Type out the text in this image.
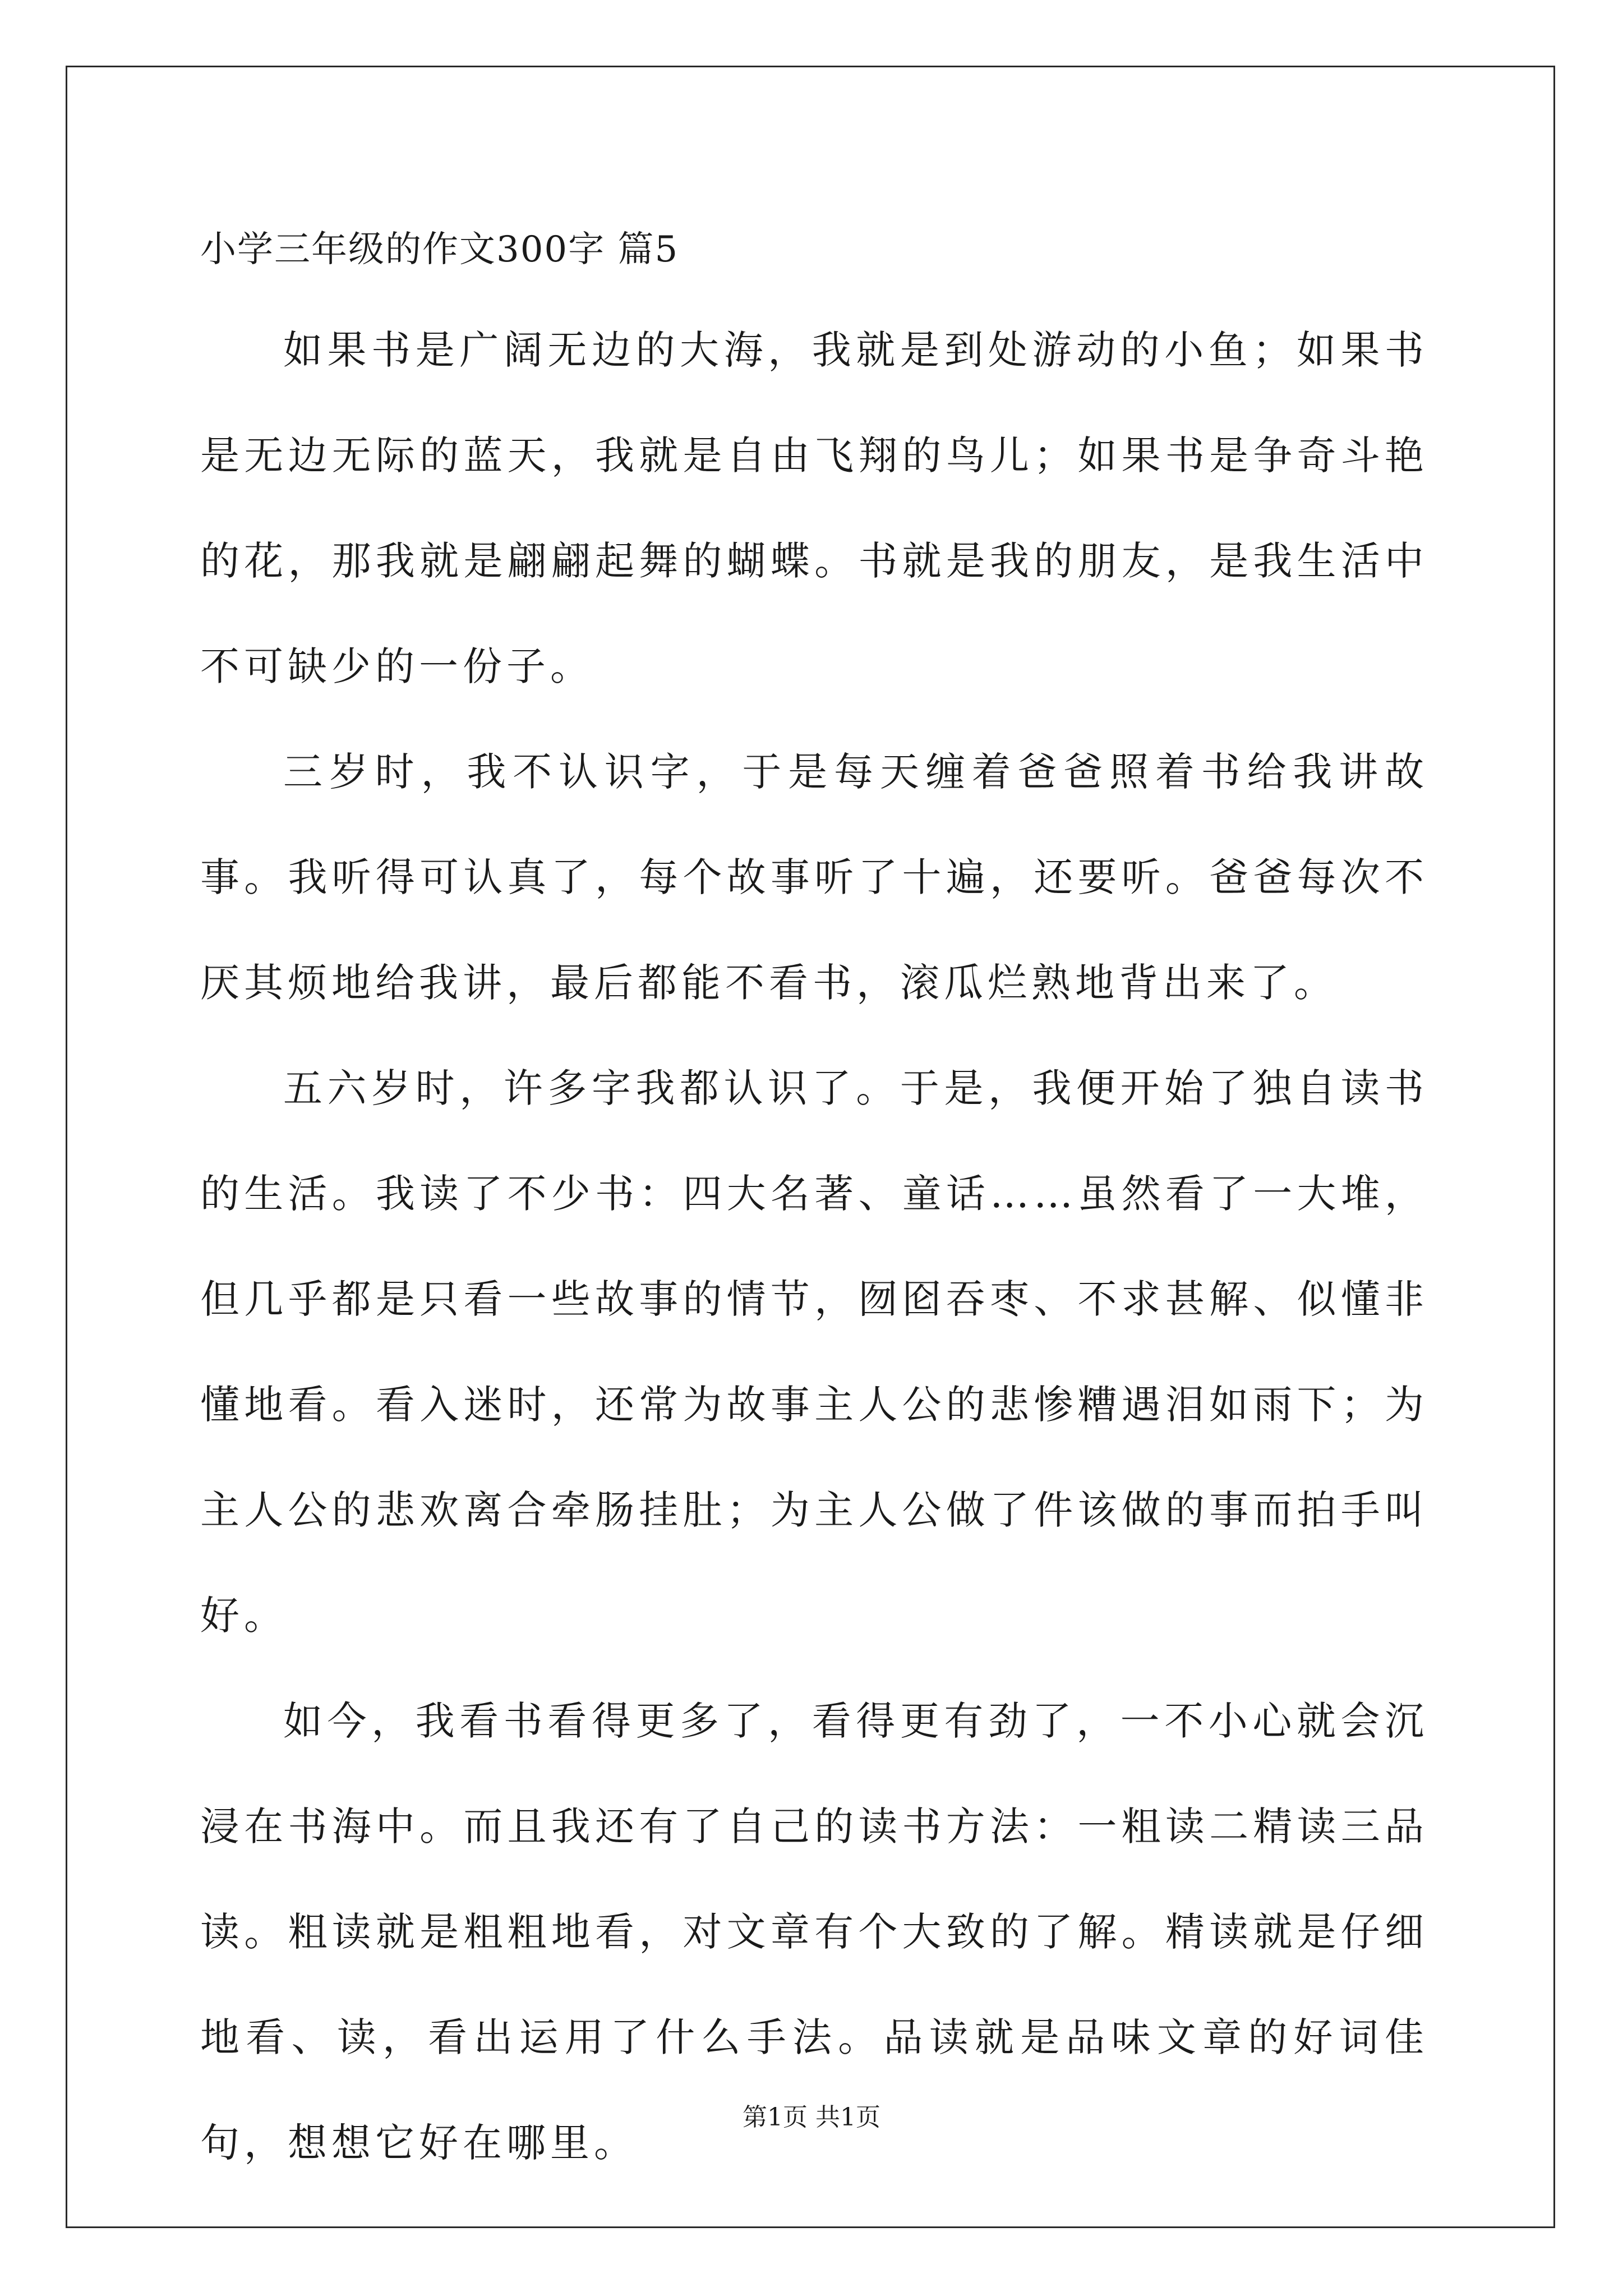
小学三年级的作文300字 篇5

如果书是广阔无边的大海，我就是到处游动的小鱼；如果书是无边无际的蓝天，我就是自由飞翔的鸟儿；如果书是争奇斗艳的花，那我就是翩翩起舞的蝴蝶。书就是我的朋友，是我生活中不可缺少的一份子。

三岁时，我不认识字，于是每天缠着爸爸照着书给我讲故事。我听得可认真了，每个故事听了十遍，还要听。爸爸每次不厌其烦地给我讲，最后都能不看书，滚瓜烂熟地背出来了。

五六岁时，许多字我都认识了。于是，我便开始了独自读书的生活。我读了不少书：四大名著、童话……虽然看了一大堆，但几乎都是只看一些故事的情节，囫囵吞枣、不求甚解、似懂非懂地看。看入迷时，还常为故事主人公的悲惨糟遇泪如雨下；为主人公的悲欢离合牵肠挂肚；为主人公做了件该做的事而拍手叫好。

如今，我看书看得更多了，看得更有劲了，一不小心就会沉浸在书海中。而且我还有了自己的读书方法：一粗读二精读三品读。粗读就是粗粗地看，对文章有个大致的了解。精读就是仔细地看、读，看出运用了什么手法。品读就是品味文章的好词佳句，想想它好在哪里。

第1页 共1页
